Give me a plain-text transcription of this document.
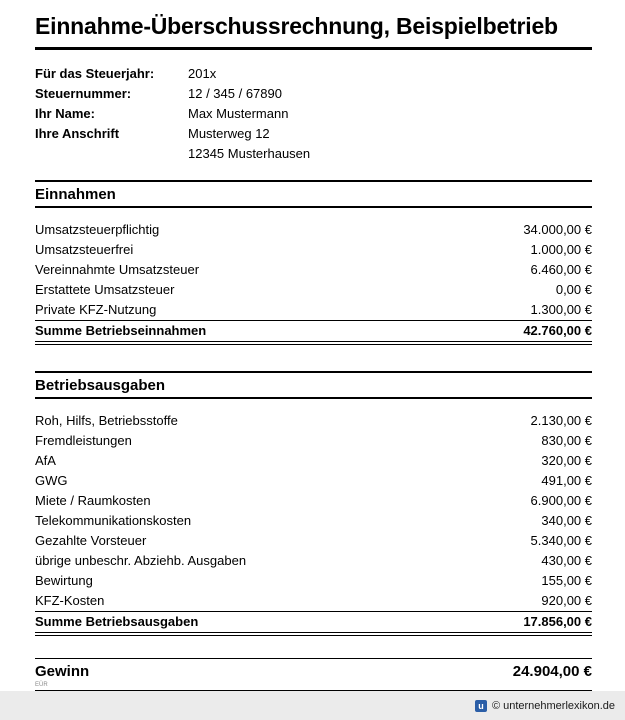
Einnahme-Überschussrechnung, Beispielbetrieb
Für das Steuerjahr:	201x
Steuernummer:	12 / 345 / 67890
Ihr Name:	Max Mustermann
Ihre Anschrift	Musterweg 12
12345 Musterhausen
Einnahmen
Umsatzsteuerpflichtig	34.000,00 €
Umsatzsteuerfrei	1.000,00 €
Vereinnahmte Umsatzsteuer	6.460,00 €
Erstattete Umsatzsteuer	0,00 €
Private KFZ-Nutzung	1.300,00 €
Summe Betriebseinnahmen	42.760,00 €
Betriebsausgaben
Roh, Hilfs, Betriebsstoffe	2.130,00 €
Fremdleistungen	830,00 €
AfA	320,00 €
GWG	491,00 €
Miete / Raumkosten	6.900,00 €
Telekommunikationskosten	340,00 €
Gezahlte Vorsteuer	5.340,00 €
übrige unbeschr. Abziehb. Ausgaben	430,00 €
Bewirtung	155,00 €
KFZ-Kosten	920,00 €
Summe Betriebsausgaben	17.856,00 €
Gewinn	24.904,00 €
EÜR
u © unternehmerlexikon.de
